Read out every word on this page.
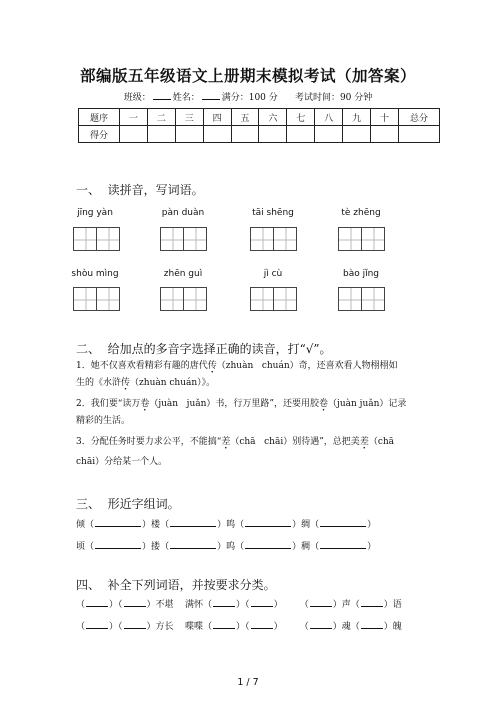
部编版五年级语文上册期末模拟考试（加答案）
班级： 姓名： 满分：100 分 考试时间：90 分钟
题序	一	二	三	四	五	六	七	八	九	十	总分
得分											
一、  读拼音，写词语。
jīng yàn	pàn duàn	tāi shēng	tè zhēng
shòu mìng	zhēn guì	jì cù	bào jǐng
二、  给加点的多音字选择正确的读音，打“√”。
1．她不仅喜欢看精彩有趣的唐代传（zhuàn   chuán）奇，还喜欢看人物栩栩如
生的《水浒传（zhuàn chuán）》。
2．我们要“读万卷（juàn   juǎn）书，行万里路”，还要用胶卷（juàn juǎn）记录
精彩的生活。
3．分配任务时要力求公平，不能搞“差（chā   chāi）别待遇”，总把美差（chā
chāi）分给某一个人。
三、  形近字组词。
倾（	）楼（	）鸣（	）绸（	）
顷（	）搂（	）呜（	）稠（	）
四、  补全下列词语，并按要求分类。
（	）（	）不堪 满怀（	）（	）      （	）声（	）语
（	）（	）方长 喋喋（	）（	）      （	）魂（	）魄
1 / 7
